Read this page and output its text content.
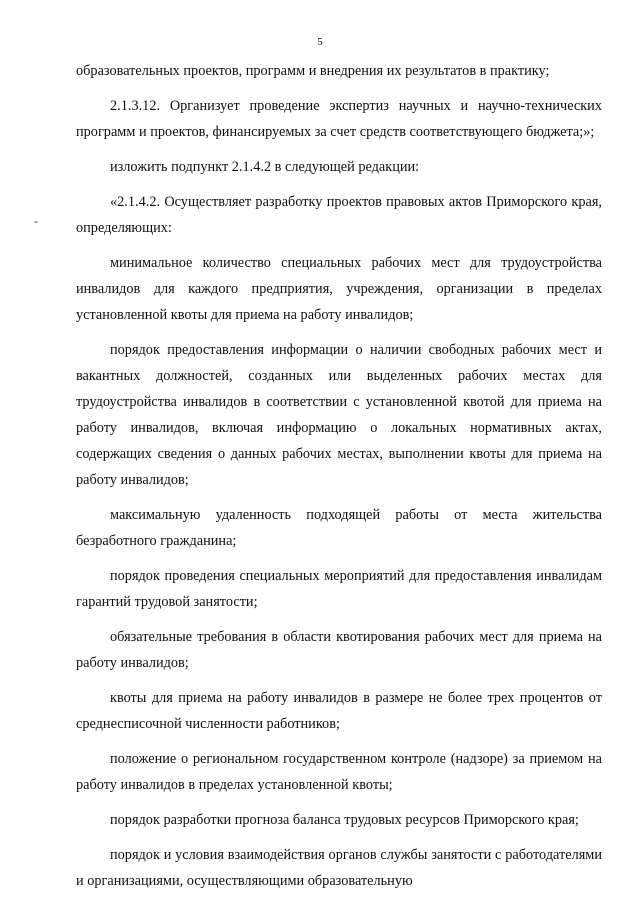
5
-

образовательных проектов, программ и внедрения их результатов в практику;

2.1.3.12. Организует проведение экспертиз научных и научно-технических программ и проектов, финансируемых за счет средств соответствующего бюджета;»;

изложить подпункт 2.1.4.2 в следующей редакции:

«2.1.4.2. Осуществляет разработку проектов правовых актов Приморского края, определяющих:

минимальное количество специальных рабочих мест для трудоустройства инвалидов для каждого предприятия, учреждения, организации в пределах установленной квоты для приема на работу инвалидов;

порядок предоставления информации о наличии свободных рабочих мест и вакантных должностей, созданных или выделенных рабочих местах для трудоустройства инвалидов в соответствии с установленной квотой для приема на работу инвалидов, включая информацию о локальных нормативных актах, содержащих сведения о данных рабочих местах, выполнении квоты для приема на работу инвалидов;

максимальную удаленность подходящей работы от места жительства безработного гражданина;

порядок проведения специальных мероприятий для предоставления инвалидам гарантий трудовой занятости;

обязательные требования в области квотирования рабочих мест для приема на работу инвалидов;

квоты для приема на работу инвалидов в размере не более трех процентов от среднесписочной численности работников;

положение о региональном государственном контроле (надзоре) за приемом на работу инвалидов в пределах установленной квоты;

порядок разработки прогноза баланса трудовых ресурсов Приморского края;

порядок и условия взаимодействия органов службы занятости с работодателями и организациями, осуществляющими образовательную
